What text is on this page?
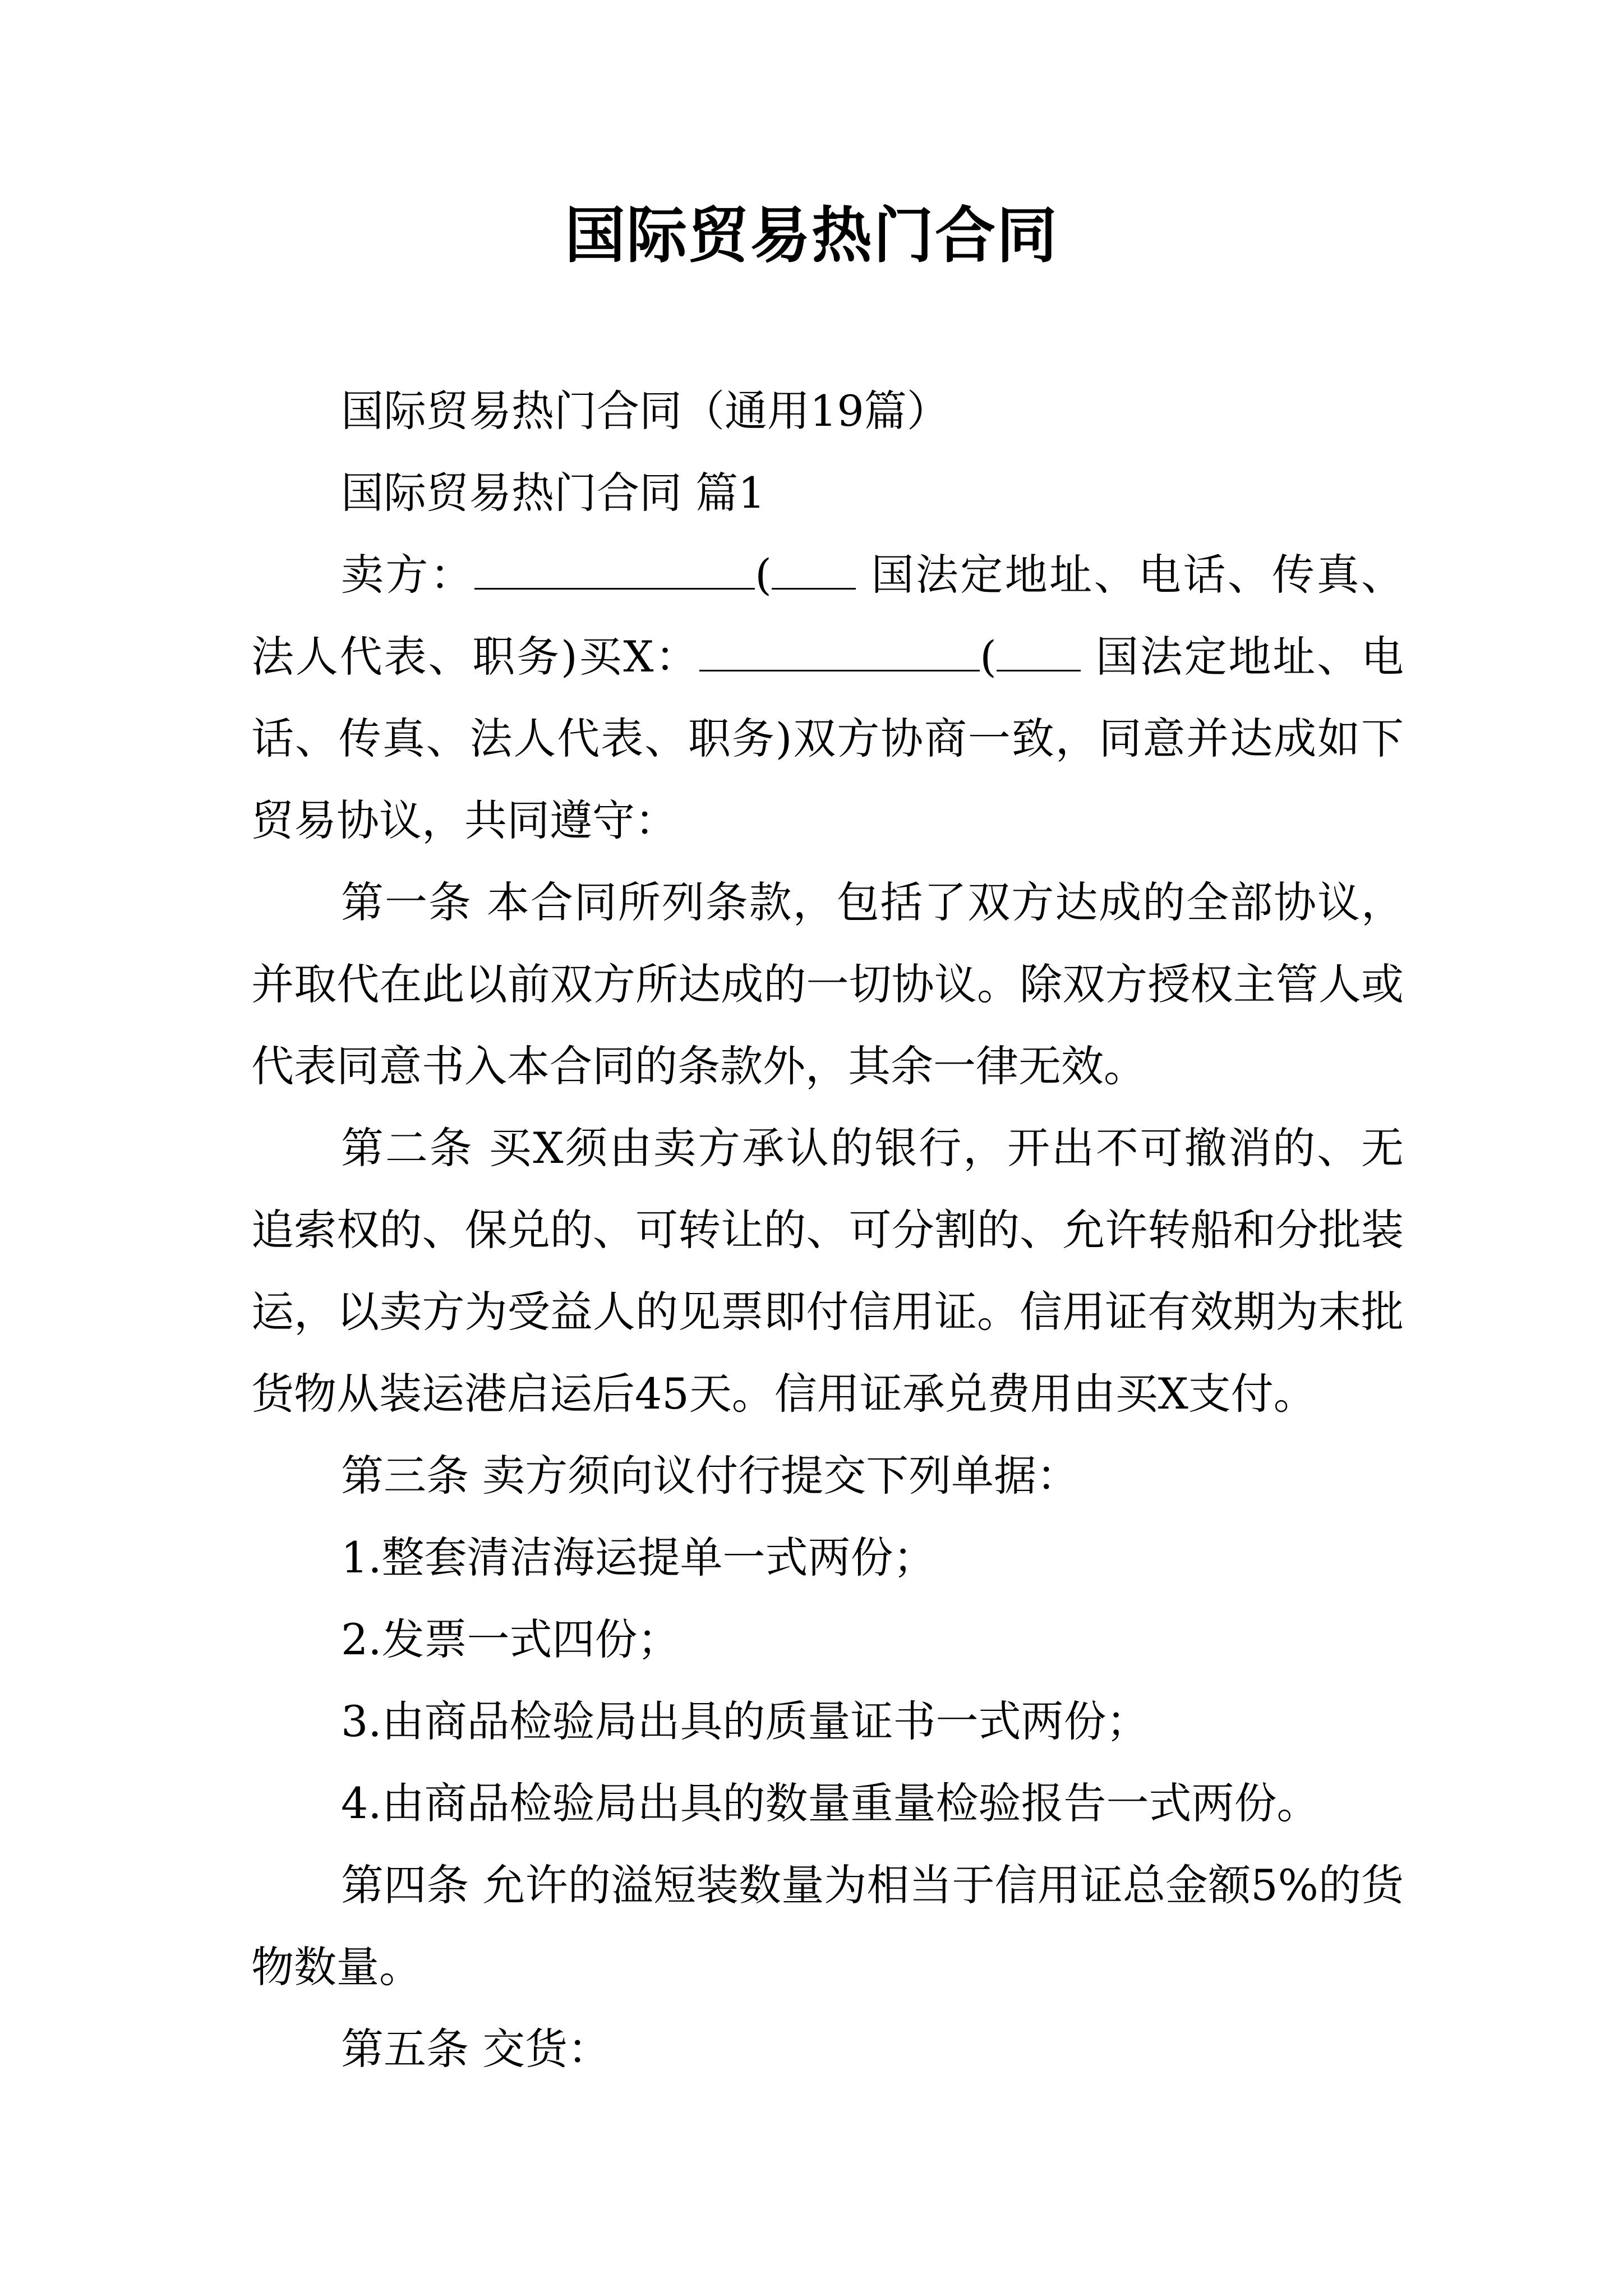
国际贸易热门合同

国际贸易热门合同（通用19篇）

国际贸易热门合同 篇1

卖方：	( 国法定地址、电话、传真、法人代表、职务)买X：	( 国法定地址、电话、传真、法人代表、职务)双方协商一致，同意并达成如下贸易协议，共同遵守：

第一条 本合同所列条款，包括了双方达成的全部协议，并取代在此以前双方所达成的一切协议。除双方授权主管人或代表同意书入本合同的条款外，其余一律无效。

第二条 买X须由卖方承认的银行，开出不可撤消的、无追索权的、保兑的、可转让的、可分割的、允许转船和分批装运，以卖方为受益人的见票即付信用证。信用证有效期为末批货物从装运港启运后45天。信用证承兑费用由买X支付。

第三条 卖方须向议付行提交下列单据：

1.整套清洁海运提单一式两份；

2.发票一式四份；

3.由商品检验局出具的质量证书一式两份；

4.由商品检验局出具的数量重量检验报告一式两份。

第四条 允许的溢短装数量为相当于信用证总金额5%的货物数量。

第五条 交货：
